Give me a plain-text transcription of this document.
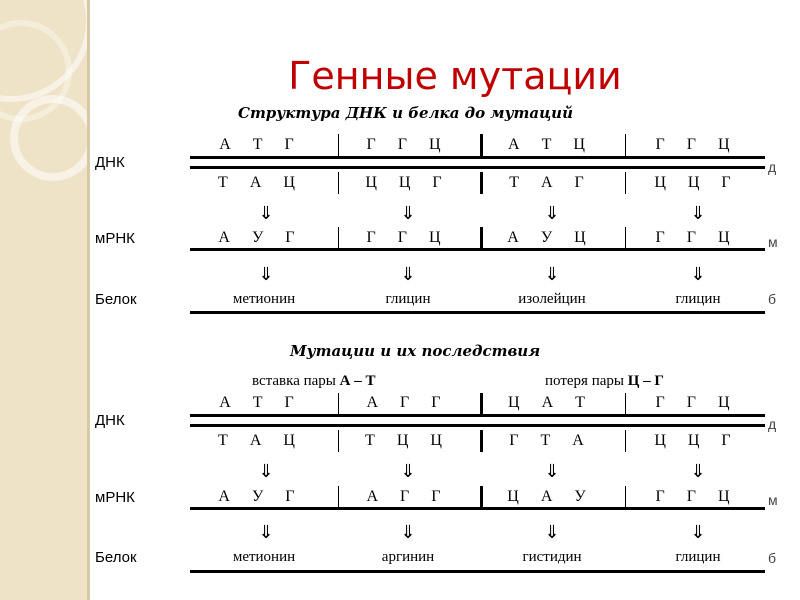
Генные мутации
Структура ДНК и белка до мутаций
ДНК
мРНК
Белок
д
м
б
А Т Г	Г Г Ц	А Т Ц	Г Г Ц
Т А Ц	Ц Ц Г	Т А Г	Ц Ц Г
⇓	⇓	⇓	⇓
А У Г	Г Г Ц	А У Ц	Г Г Ц
⇓	⇓	⇓	⇓
метионин	глицин	изолейцин	глицин
Мутации и их последствия
вставка пары А – Т	потеря пары Ц – Г
ДНК
мРНК
Белок
д
м
б
А Т Г	А Г Г	Ц А Т	Г Г Ц
Т А Ц	Т Ц Ц	Г Т А	Ц Ц Г
⇓	⇓	⇓	⇓
А У Г	А Г Г	Ц А У	Г Г Ц
⇓	⇓	⇓	⇓
метионин	аргинин	гистидин	глицин
